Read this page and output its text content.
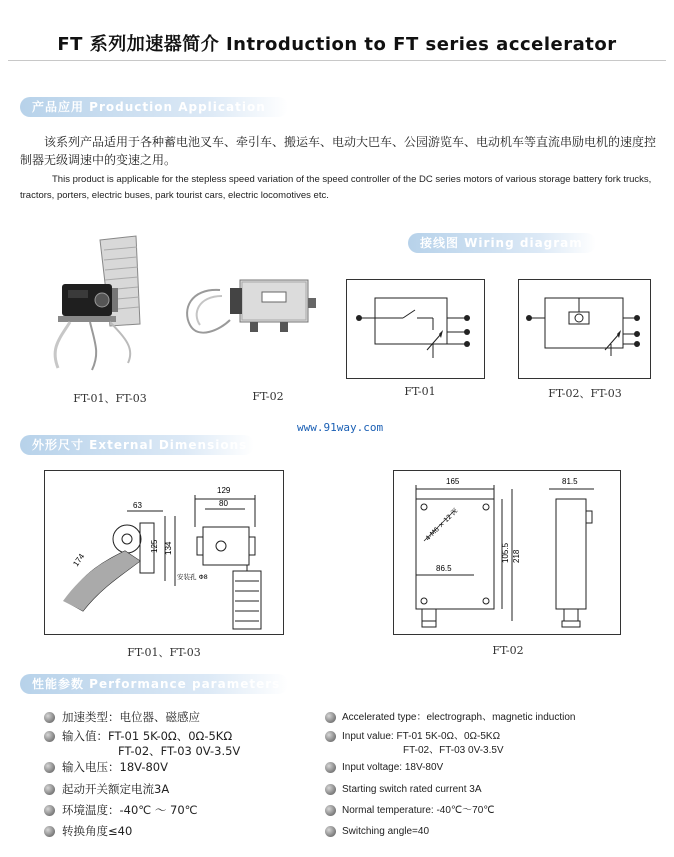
FT 系列加速器简介 Introduction to FT series accelerator
产品应用 Production Application
该系列产品适用于各种蓄电池叉车、牵引车、搬运车、电动大巴车、公园游览车、电动机车等直流串励电机的速度控制器无级调速中的变速之用。
This product is applicable for the stepless speed variation of the speed controller of the DC series motors of various storage battery fork trucks, tractors, porters, electric buses, park tourist cars, electric locomotives etc.
FT-01、FT-03	FT-02
接线图 Wiring diagram
FT-01	FT-02、FT-03
www.91way.com
外形尺寸 External Dimensions
129
80
63
125 134
174
安装孔 Φ8
165	81.5
105.5 218
86.5
4-M6 × 12 深
FT-01、FT-03	FT-02
性能参数 Performance parameters
加速类型：电位器、磁感应
输入值：FT-01 5K-0Ω、0Ω-5KΩ
FT-02、FT-03 0V-3.5V
输入电压：18V-80V
起动开关额定电流3A
环境温度：-40℃ ～ 70℃
转换角度≤40
Accelerated type：electrograph、magnetic induction
Input value: FT-01 5K-0Ω、0Ω-5KΩ
FT-02、FT-03 0V-3.5V
Input voltage: 18V-80V
Starting switch rated current 3A
Normal temperature: -40℃～70℃
Switching angle=40
